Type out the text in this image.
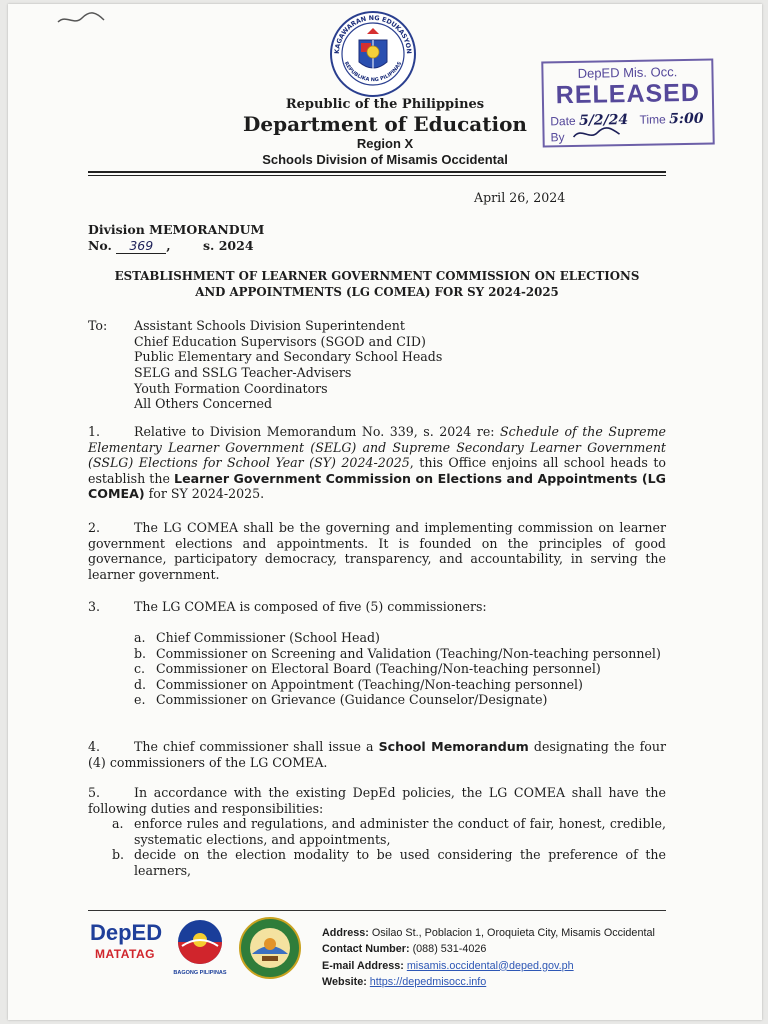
KAGAWARAN NG EDUKASYON
REPUBLIKA NG PILIPINAS
Republic of the Philippines
Department of Education
Region X
Schools Division of Misamis Occidental
DepED Mis. Occ.
RELEASED
Date 5/2/24 Time 5:00
By
April 26, 2024
Division MEMORANDUM
No. 369 ,	s. 2024
ESTABLISHMENT OF LEARNER GOVERNMENT COMMISSION ON ELECTIONS
AND APPOINTMENTS (LG COMEA) FOR SY 2024-2025
To: Assistant Schools Division Superintendent
Chief Education Supervisors (SGOD and CID)
Public Elementary and Secondary School Heads
SELG and SSLG Teacher-Advisers
Youth Formation Coordinators
All Others Concerned
1.	Relative to Division Memorandum No. 339, s. 2024 re: Schedule of the Supreme Elementary Learner Government (SELG) and Supreme Secondary Learner Government (SSLG) Elections for School Year (SY) 2024-2025, this Office enjoins all school heads to establish the Learner Government Commission on Elections and Appointments (LG COMEA) for SY 2024-2025.
2.	The LG COMEA shall be the governing and implementing commission on learner government elections and appointments. It is founded on the principles of good governance, participatory democracy, transparency, and accountability, in serving the learner government.
3.	The LG COMEA is composed of five (5) commissioners:
a. Chief Commissioner (School Head)
b. Commissioner on Screening and Validation (Teaching/Non-teaching personnel)
c. Commissioner on Electoral Board (Teaching/Non-teaching personnel)
d. Commissioner on Appointment (Teaching/Non-teaching personnel)
e. Commissioner on Grievance (Guidance Counselor/Designate)
4.	The chief commissioner shall issue a School Memorandum designating the four (4) commissioners of the LG COMEA.
5.	In accordance with the existing DepEd policies, the LG COMEA shall have the following duties and responsibilities:
a. enforce rules and regulations, and administer the conduct of fair, honest, credible, systematic elections, and appointments,
b. decide on the election modality to be used considering the preference of the learners,
DepED
MATATAG
BAGONG PILIPINAS
Address: Osilao St., Poblacion 1, Oroquieta City, Misamis Occidental
Contact Number: (088) 531-4026
E-mail Address: misamis.occidental@deped.gov.ph
Website: https://depedmisocc.info
